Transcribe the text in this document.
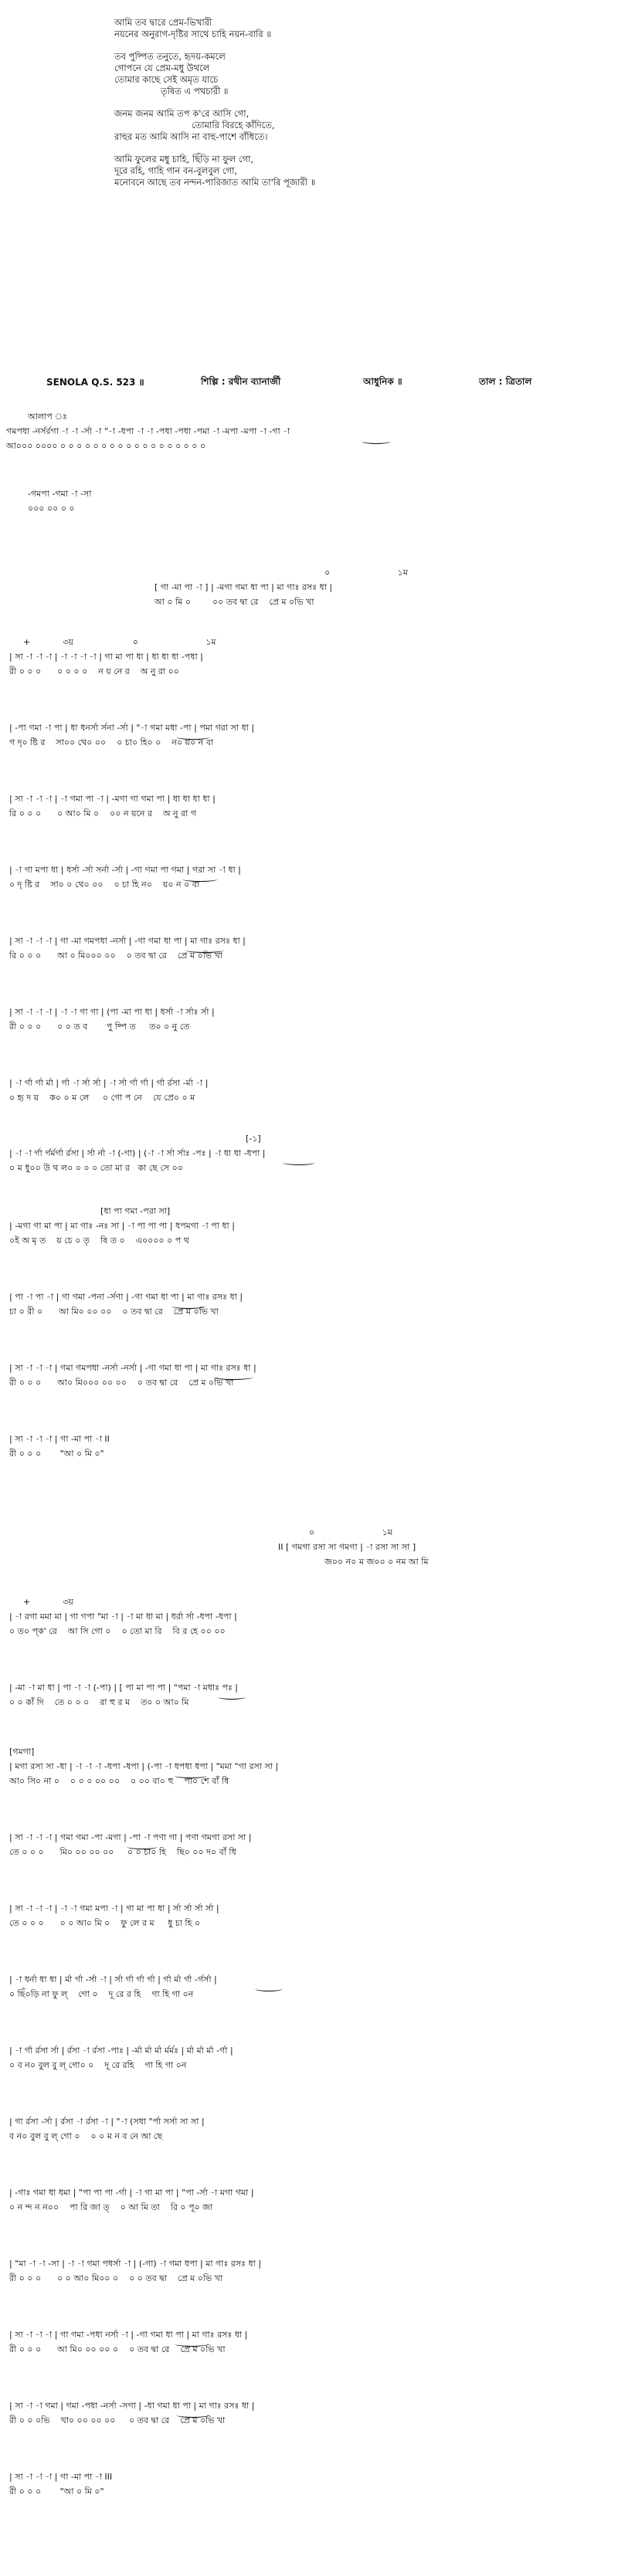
আমি তব দ্বারে প্রেম-ভিখারী
নয়নের অনুরাগ-দৃষ্টির সাথে চাহি নয়ন-বারি ॥
তব পুষ্পিত তনুতে, হৃদয়-কমলে
গোপনে যে প্রেম-মধু উথলে
তোমার কাছে সেই অমৃত যাচে
তৃষিত এ পথচারী ॥
জনম জনম আমি তপ ক'রে আসি গো,
তোমারি বিরহে কাঁদিতে,
রাহুর মত আমি আসি না বাহু-পাশে বাঁধিতে।
আমি ফুলের মধু চাহি, ছিঁড়ি না ফুল গো,
দূরে রহি, গাহি গান বন-বুলবুল গো,
মনোবনে আছে তব নন্দন-পারিজাত আমি তা'রি পূজারী ॥
SENOLA Q.S. 523 ॥	শিল্পি : রথীন ব্যানার্জী	আধুনিক ॥	তাল : ত্রিতাল
আলাপ ঃ
গমপধা -নর্সর্রগা -া -া -র্সা -া "-া -ধপা -া -া -পধা -পধা -পমা -া -মপা -মপা -া -গা -া
আ০০০ ০০০০ ০ ০ ০ ০ ০ ০ ০ ০ ০ ০ ০ ০ ০ ০ ০ ০ ০ ০
-গমপা -গমা -া -সা
০০০ ০০ ০ ০
০                         ১ম
[ গা -মা পা -া ] | -মগা গমা ধা পা | মা গাঃ রসঃ ধা |
আ ০ মি ০        ০০ তব দ্বা রে    প্রে ম ০ভি খা
+            ৩য়                      ০                         ১ম
| সা -া -া -া | -া -া -া -া | গা মা পা ধা | ধা ধা ধা -পধা |
রী ০ ০ ০      ০ ০ ০ ০    ন য় নে র    অ নু রা ০০
| -পা গমা -া পা | ধা ধনর্সা র্সনা -র্সা | "-া গমা মধা -পা | পমা গরা সা ধা |
গ দৃ০ ষ্টি র    সা০০ থে০ ০০    ০ চা০ হি০ ০    ন০ য়০ ন বা
| সা -া -া -া | -া গমা পা -া | -মগা গা গমা পা | ধা ধা ধা ধা |
রি ০ ০ ০      ০ আ০ মি ০    ০০ ন য়নে র    অ নু রা গ
| -া গা মপা ধা | ধর্সা -র্সা সর্না -র্সা | -গা গমা পা গমা | গরা সা -া ধা |
০ দৃ ষ্টি র    সা০ ০ থে০ ০০    ০ চা হি ন০    য়০ ন ০ বা
| সা -া -া -া | গা -মা গমপধা -নর্সা | -গা গমা ধা পা | মা গাঃ রসঃ ধা |
রি ০ ০ ০      আ ০ মি০০০ ০০    ০ তব দ্বা রে    প্রে ম ০ভি খা
| সা -া -া -া | -া -া গা গা | (পা -মা পা ধা | ধর্সা -া র্সাঃ র্সা |
রী ০ ০ ০      ০ ০ ত ব       পু ষ্পি ত     ত০ ০ নু তে
| -া র্গা র্গা র্মা | র্গা -া র্সা র্সা | -া র্সা র্গা র্গা | র্গা র্রসা -র্মা -া |
০ হৃ দ য়    ক০ ০ ম লে     ০ গো প নে    যে প্রে০ ০ ম
[-১]
| -া -া র্গা র্গর্মর্গা র্রসা | র্সা র্না -া (-গা) | (-া -া র্সা র্সাঃ -পঃ | -া ধা ধা -ধপা |
০ ম ধু০০ উ থ ল০ ০ ০ ০ তো মা র   কা ছে সে ০০
[ধা পা গমা -পরা সা]
| -মগা গা মা পা | মা গাঃ -নঃ সা | -া পা পা পা | ধপমগা -া পা ধা |
০ই অ মৃ ত    য় চে ০ তৃ    ষি ত ০    এ০০০০ ০ প থ
| পা -া পা -া | গা গমা -পনা -র্সণা | -গা গমা ধা পা | মা গাঃ রসঃ ধা |
চা ০ রী ০      আ মি০ ০০ ০০    ০ তব দ্বা রে    প্রে ম ০ভি খা
| সা -া -া -া | গমা গমপধা -নর্সা -নর্সা | -গা গমা ধা পা | মা গাঃ রসঃ ধা |
রী ০ ০ ০      আ০ মি০০০ ০০ ০০    ০ তব দ্বা রে    প্রে ম ০ভি খা
| সা -া -া -া | গা -মা পা -া II
রী ০ ০ ০       "আ ০ মি ০"
০                         ১ম
II [ গমগা রসা সা গমগা | -া রসা সা সা ]
জ০০ ন০ ম জ০০ ০ নম আ মি
+            ৩য়
| -া রগা মমা মা | গা গপা "মা -া | -া মা ধা মা | ধর্রা র্সা -ধপা -ধপা |
০ ত০ প্ক' রে    আ সি গো ০    ০ তো মা রি    বি র হে ০০ ০০
| -মা -া মা ধা | পা -া -া (-পা) | [ পা মা পা পা | "পমা -া মধাঃ পঃ |
০ ০ কাঁ দি    তে ০ ০ ০    রা হু র ম    ত০ ০ আ০ মি
[গমগা]
| মগা রসা সা -ধা | -া -া -া -ধপা -ধপা | (-পা -া ধপধা ধপা | "মমা "গা রসা সা |
আ০ সি০ না ০    ০ ০ ০ ০০ ০০    ০ ০০ বা০ হু    পা০ শে বাঁ ধি
| সা -া -া -া | গমা গমা -পা -মগা | -পা -া পণা গা | পণা গমগা রসা সা |
তে ০ ০ ০      মি০ ০০ ০০ ০০     ০ ০ চা০ হি    ছি০ ০০ দ০ বাঁ ধি
| সা -া -া -া | -া -া গমা মপা -া | গা মা পা ধা | র্সা র্সা র্সা র্সা |
তে ০ ০ ০      ০ ০ আ০ মি ০    ফু লে র ম     ধু চা হি ০
| -া ধর্না ধা ধা | র্মা র্গা -র্সা -া | র্সা র্গা র্গা র্গা | র্গা র্মা র্গা -র্গর্সা |
০ ছিঁ০ড়ি না ফু ল্    গো ০    দূ রে র হি    গা হি গা ০ন
| -া র্গা র্রসা র্সা | র্রসা -া র্রসা -পাঃ | -র্মা র্মা র্মা র্মর্মঃ | র্মা র্মা র্মা -র্গা |
০ ব ন০ বুল বু ল্ গো০ ০    দূ রে রহি    গা হি গা ০ন
| গা র্রসা -র্সা | র্রসা -া র্রসা -া | "-া (সধা "র্পা সর্সা সা সা |
ব ন০ বুল বু ল্ গো ০    ০ ০ ম ন ব নে আ ছে
| -গাঃ গমা ধা ধমা | "পা পা পা -র্গা | -া গা মা পা | "পা -র্সা -া মগা গমা |
০ ন ন্দ ন ন০০    পা রি জা ত্    ০ আ মি তা    রি ০ পূ০ জা
| "মা -া -া -সা | -া -া গমা পধর্সা -া | (-গা) -া গমা ধপা | মা গাঃ রসঃ ধা |
রী ০ ০ ০      ০ ০ আ০ মি০০ ০    ০ ০ তব দ্বা    প্রে ম ০ভি খা
| সা -া -া -া | গা গমা -পধা নর্সা -া | -গা গমা ধা পা | মা গাঃ রসঃ ধা |
রী ০ ০ ০      আ মি০ ০০ ০০ ০    ০ তব দ্বা রে    প্রে ম ০ভি খা
| সা -া -া গমা | গমা -পধা -নর্সা -সগা | -ধা গমা ধা পা | মা গাঃ রসঃ ধা |
রী ০ ০ ০ভি    খা০ ০০ ০০ ০০     ০ তব দ্বা রে    প্রে ম ০ভি খা
| সা -া -া -া | গা -মা পা -া III
রী ০ ০ ০       "আ ০ মি ০"
